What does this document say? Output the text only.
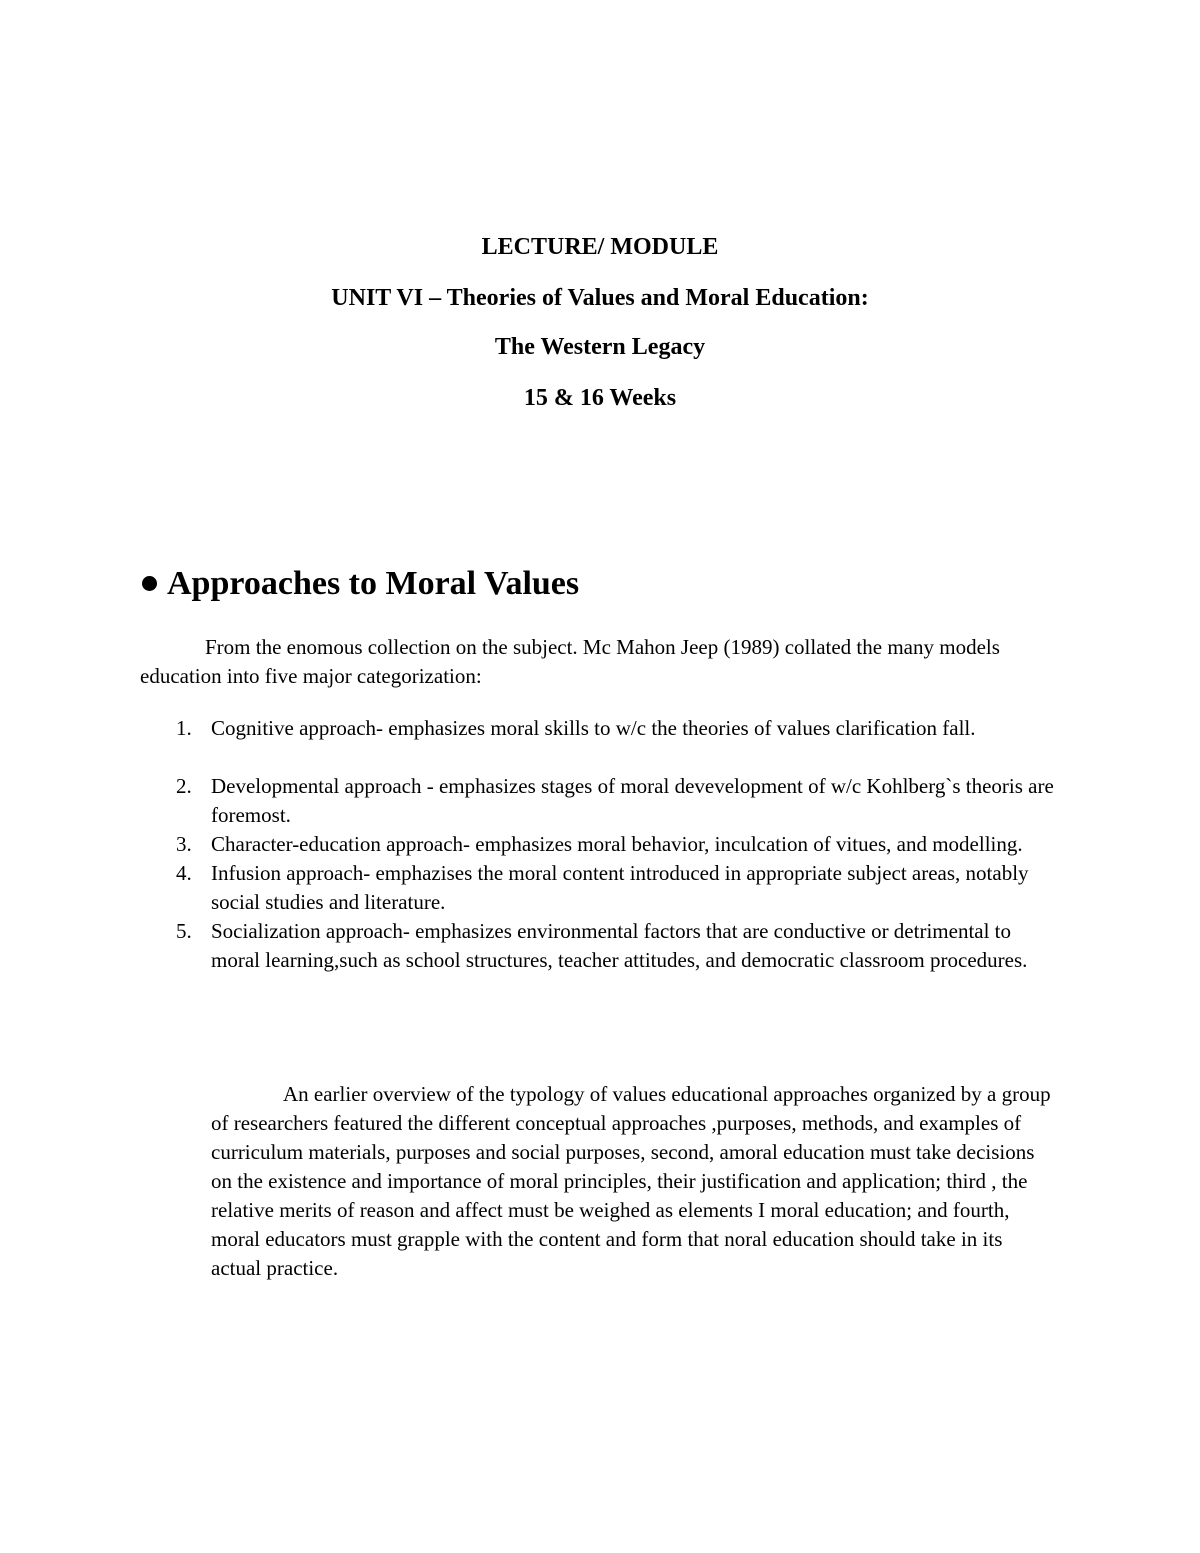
LECTURE/ MODULE

UNIT VI – Theories of Values and Moral Education:

The Western Legacy

15 & 16 Weeks

Approaches to Moral Values

From the enomous collection on the subject. Mc Mahon Jeep (1989) collated the many models education into five major categorization:

1. Cognitive approach- emphasizes moral skills to w/c the theories of values clarification fall.
2. Developmental approach - emphasizes stages of moral devevelopment of w/c Kohlberg`s theoris are foremost.
3. Character-education approach- emphasizes moral behavior, inculcation of vitues, and modelling.
4. Infusion approach- emphazises the moral content introduced in appropriate subject areas, notably social studies and literature.
5. Socialization approach- emphasizes environmental factors that are conductive or detrimental to moral learning,such as school structures, teacher attitudes, and democratic classroom procedures.

An earlier overview of the typology of values educational approaches organized by a group of researchers featured the different conceptual approaches ,purposes, methods, and examples of curriculum materials, purposes and social purposes, second, amoral education must take decisions on the existence and importance of moral principles, their justification and application; third , the relative merits of reason and affect must be weighed as elements I moral education; and fourth, moral educators must grapple with the content and form that noral education should take in its actual practice.
